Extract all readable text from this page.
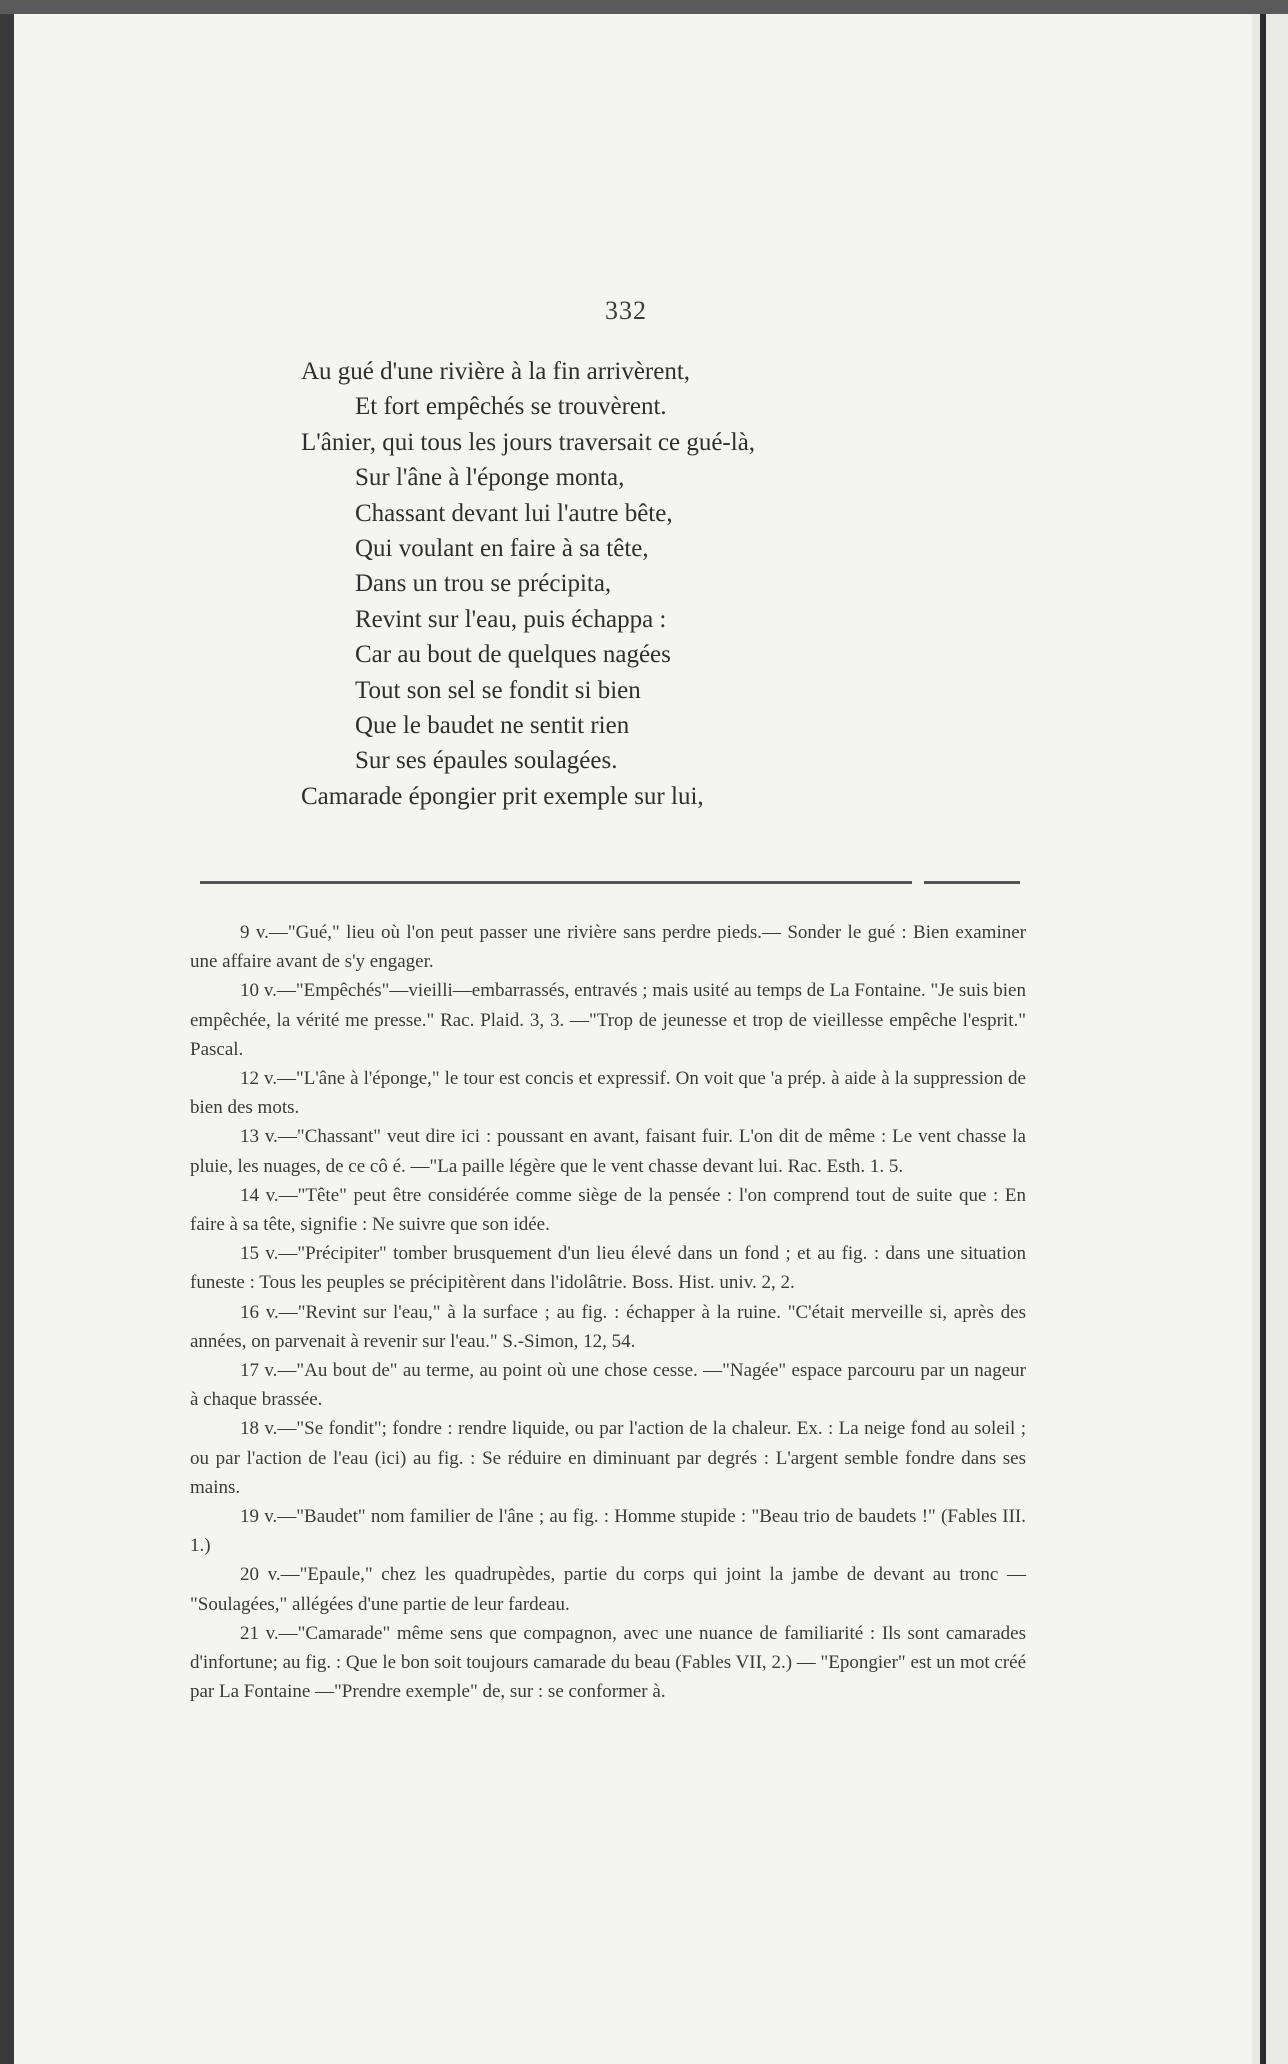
332
Au gué d'une rivière à la fin arrivèrent,
Et fort empêchés se trouvèrent.
L'ânier, qui tous les jours traversait ce gué-là,
Sur l'âne à l'éponge monta,
Chassant devant lui l'autre bête,
Qui voulant en faire à sa tête,
Dans un trou se précipita,
Revint sur l'eau, puis échappa :
Car au bout de quelques nagées
Tout son sel se fondit si bien
Que le baudet ne sentit rien
Sur ses épaules soulagées.
Camarade épongier prit exemple sur lui,

9 v.—"Gué," lieu où l'on peut passer une rivière sans perdre pieds.— Sonder le gué : Bien examiner une affaire avant de s'y engager.

10 v.—"Empêchés"—vieilli—embarrassés, entravés ; mais usité au temps de La Fontaine. "Je suis bien empêchée, la vérité me presse." Rac. Plaid. 3, 3. —"Trop de jeunesse et trop de vieillesse empêche l'esprit." Pascal.

12 v.—"L'âne à l'éponge," le tour est concis et expressif. On voit que 'a prép. à aide à la suppression de bien des mots.

13 v.—"Chassant" veut dire ici : poussant en avant, faisant fuir. L'on dit de même : Le vent chasse la pluie, les nuages, de ce cô é. —"La paille légère que le vent chasse devant lui. Rac. Esth. 1. 5.

14 v.—"Tête" peut être considérée comme siège de la pensée : l'on comprend tout de suite que : En faire à sa tête, signifie : Ne suivre que son idée.

15 v.—"Précipiter" tomber brusquement d'un lieu élevé dans un fond ; et au fig. : dans une situation funeste : Tous les peuples se précipitèrent dans l'idolâtrie. Boss. Hist. univ. 2, 2.

16 v.—"Revint sur l'eau," à la surface ; au fig. : échapper à la ruine. "C'était merveille si, après des années, on parvenait à revenir sur l'eau." S.-Simon, 12, 54.

17 v.—"Au bout de" au terme, au point où une chose cesse. —"Nagée" espace parcouru par un nageur à chaque brassée.

18 v.—"Se fondit"; fondre : rendre liquide, ou par l'action de la chaleur. Ex. : La neige fond au soleil ; ou par l'action de l'eau (ici) au fig. : Se réduire en diminuant par degrés : L'argent semble fondre dans ses mains.

19 v.—"Baudet" nom familier de l'âne ; au fig. : Homme stupide : "Beau trio de baudets !" (Fables III. 1.)

20 v.—"Epaule," chez les quadrupèdes, partie du corps qui joint la jambe de devant au tronc — "Soulagées," allégées d'une partie de leur fardeau.

21 v.—"Camarade" même sens que compagnon, avec une nuance de familiarité : Ils sont camarades d'infortune; au fig. : Que le bon soit toujours camarade du beau (Fables VII, 2.) — "Epongier" est un mot créé par La Fontaine —"Prendre exemple" de, sur : se conformer à.
